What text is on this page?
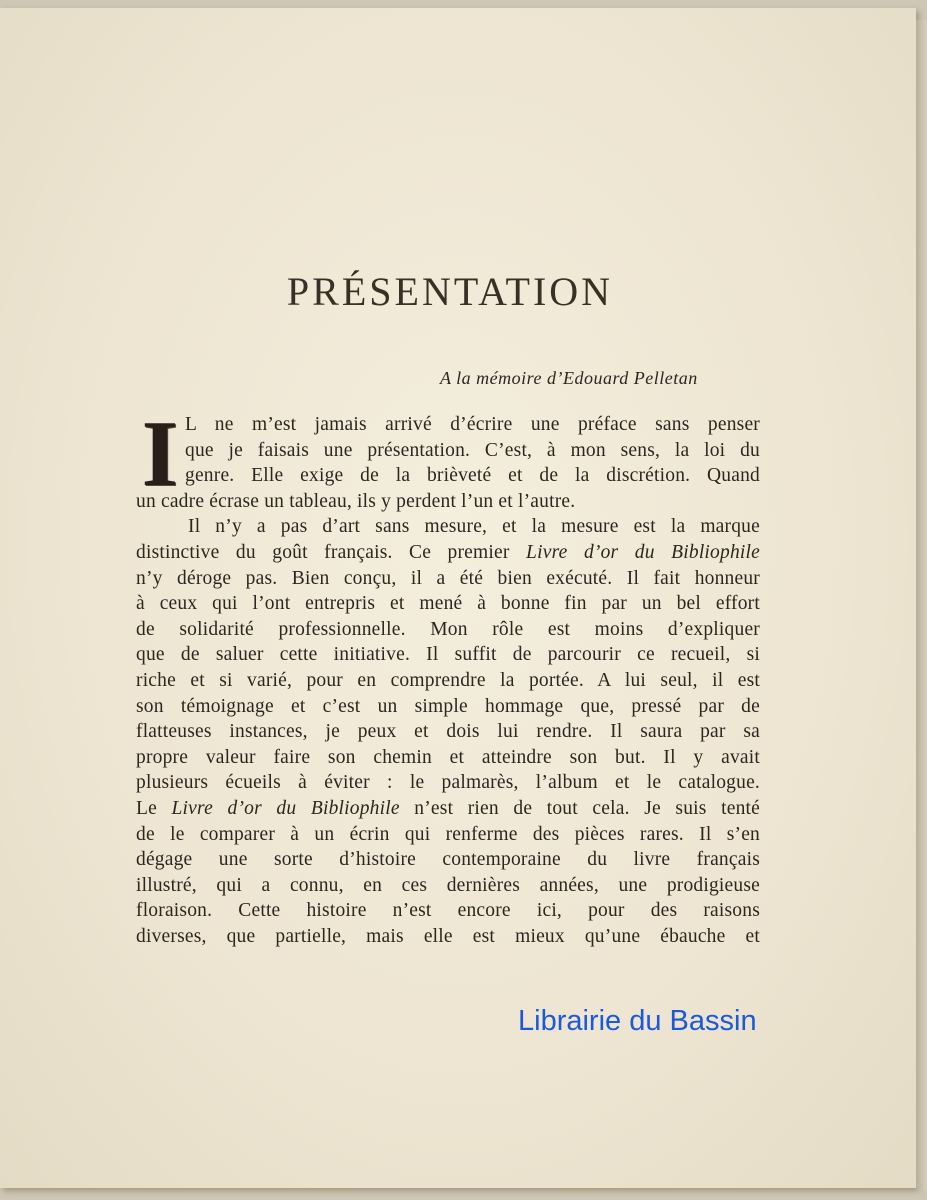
PRÉSENTATION
A la mémoire d’Edouard Pelletan
I L ne m’est jamais arrivé d’écrire une préface sans penser
que je faisais une présentation. C’est, à mon sens, la loi du
genre. Elle exige de la brièveté et de la discrétion. Quand
un cadre écrase un tableau, ils y perdent l’un et l’autre.
Il n’y a pas d’art sans mesure, et la mesure est la marque
distinctive du goût français. Ce premier Livre d’or du Bibliophile
n’y déroge pas. Bien conçu, il a été bien exécuté. Il fait honneur
à ceux qui l’ont entrepris et mené à bonne fin par un bel effort
de solidarité professionnelle. Mon rôle est moins d’expliquer
que de saluer cette initiative. Il suffit de parcourir ce recueil, si
riche et si varié, pour en comprendre la portée. A lui seul, il est
son témoignage et c’est un simple hommage que, pressé par de
flatteuses instances, je peux et dois lui rendre. Il saura par sa
propre valeur faire son chemin et atteindre son but. Il y avait
plusieurs écueils à éviter : le palmarès, l’album et le catalogue.
Le Livre d’or du Bibliophile n’est rien de tout cela. Je suis tenté
de le comparer à un écrin qui renferme des pièces rares. Il s’en
dégage une sorte d’histoire contemporaine du livre français
illustré, qui a connu, en ces dernières années, une prodigieuse
floraison. Cette histoire n’est encore ici, pour des raisons
diverses, que partielle, mais elle est mieux qu’une ébauche et
Librairie du Bassin
